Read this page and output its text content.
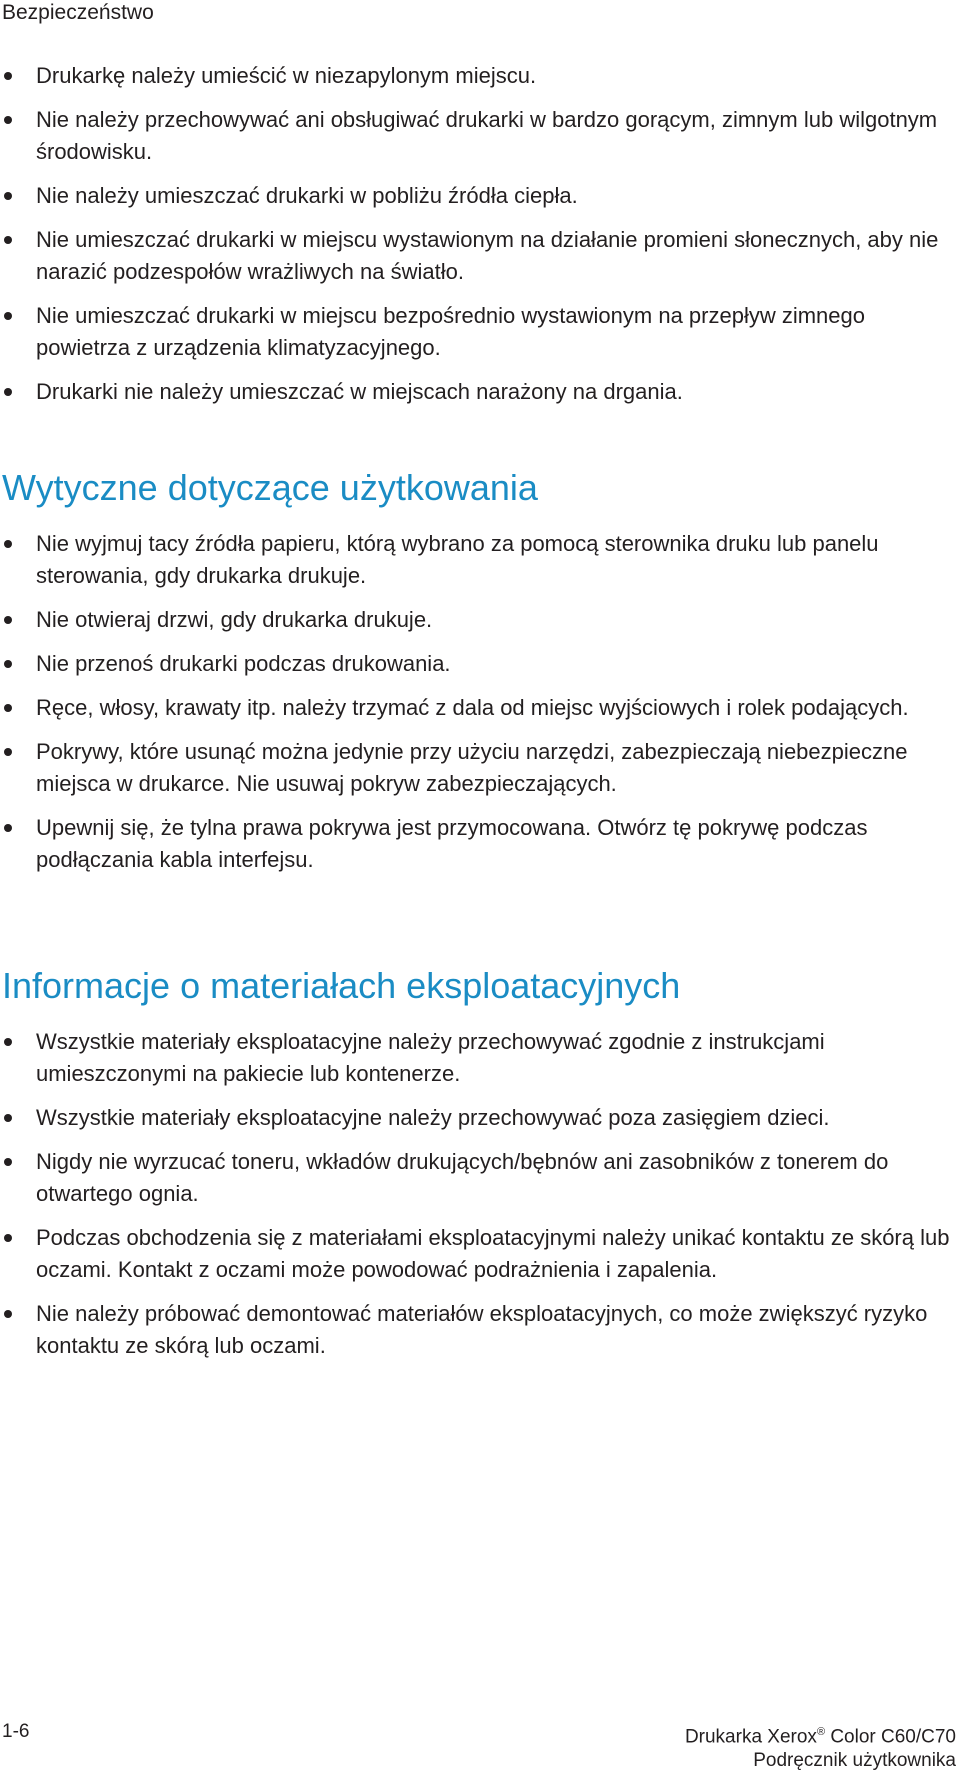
Bezpieczeństwo
Drukarkę należy umieścić w niezapylonym miejscu.
Nie należy przechowywać ani obsługiwać drukarki w bardzo gorącym, zimnym lub wilgotnym środowisku.
Nie należy umieszczać drukarki w pobliżu źródła ciepła.
Nie umieszczać drukarki w miejscu wystawionym na działanie promieni słonecznych, aby nie narazić podzespołów wrażliwych na światło.
Nie umieszczać drukarki w miejscu bezpośrednio wystawionym na przepływ zimnego powietrza z urządzenia klimatyzacyjnego.
Drukarki nie należy umieszczać w miejscach narażony na drgania.
Wytyczne dotyczące użytkowania
Nie wyjmuj tacy źródła papieru, którą wybrano za pomocą sterownika druku lub panelu sterowania, gdy drukarka drukuje.
Nie otwieraj drzwi, gdy drukarka drukuje.
Nie przenoś drukarki podczas drukowania.
Ręce, włosy, krawaty itp. należy trzymać z dala od miejsc wyjściowych i rolek podających.
Pokrywy, które usunąć można jedynie przy użyciu narzędzi, zabezpieczają niebezpieczne miejsca w drukarce. Nie usuwaj pokryw zabezpieczających.
Upewnij się, że tylna prawa pokrywa jest przymocowana. Otwórz tę pokrywę podczas podłączania kabla interfejsu.
Informacje o materiałach eksploatacyjnych
Wszystkie materiały eksploatacyjne należy przechowywać zgodnie z instrukcjami umieszczonymi na pakiecie lub kontenerze.
Wszystkie materiały eksploatacyjne należy przechowywać poza zasięgiem dzieci.
Nigdy nie wyrzucać toneru, wkładów drukujących/bębnów ani zasobników z tonerem do otwartego ognia.
Podczas obchodzenia się z materiałami eksploatacyjnymi należy unikać kontaktu ze skórą lub oczami. Kontakt z oczami może powodować podrażnienia i zapalenia.
Nie należy próbować demontować materiałów eksploatacyjnych, co może zwiększyć ryzyko kontaktu ze skórą lub oczami.
1-6	Drukarka Xerox® Color C60/C70
Podręcznik użytkownika
